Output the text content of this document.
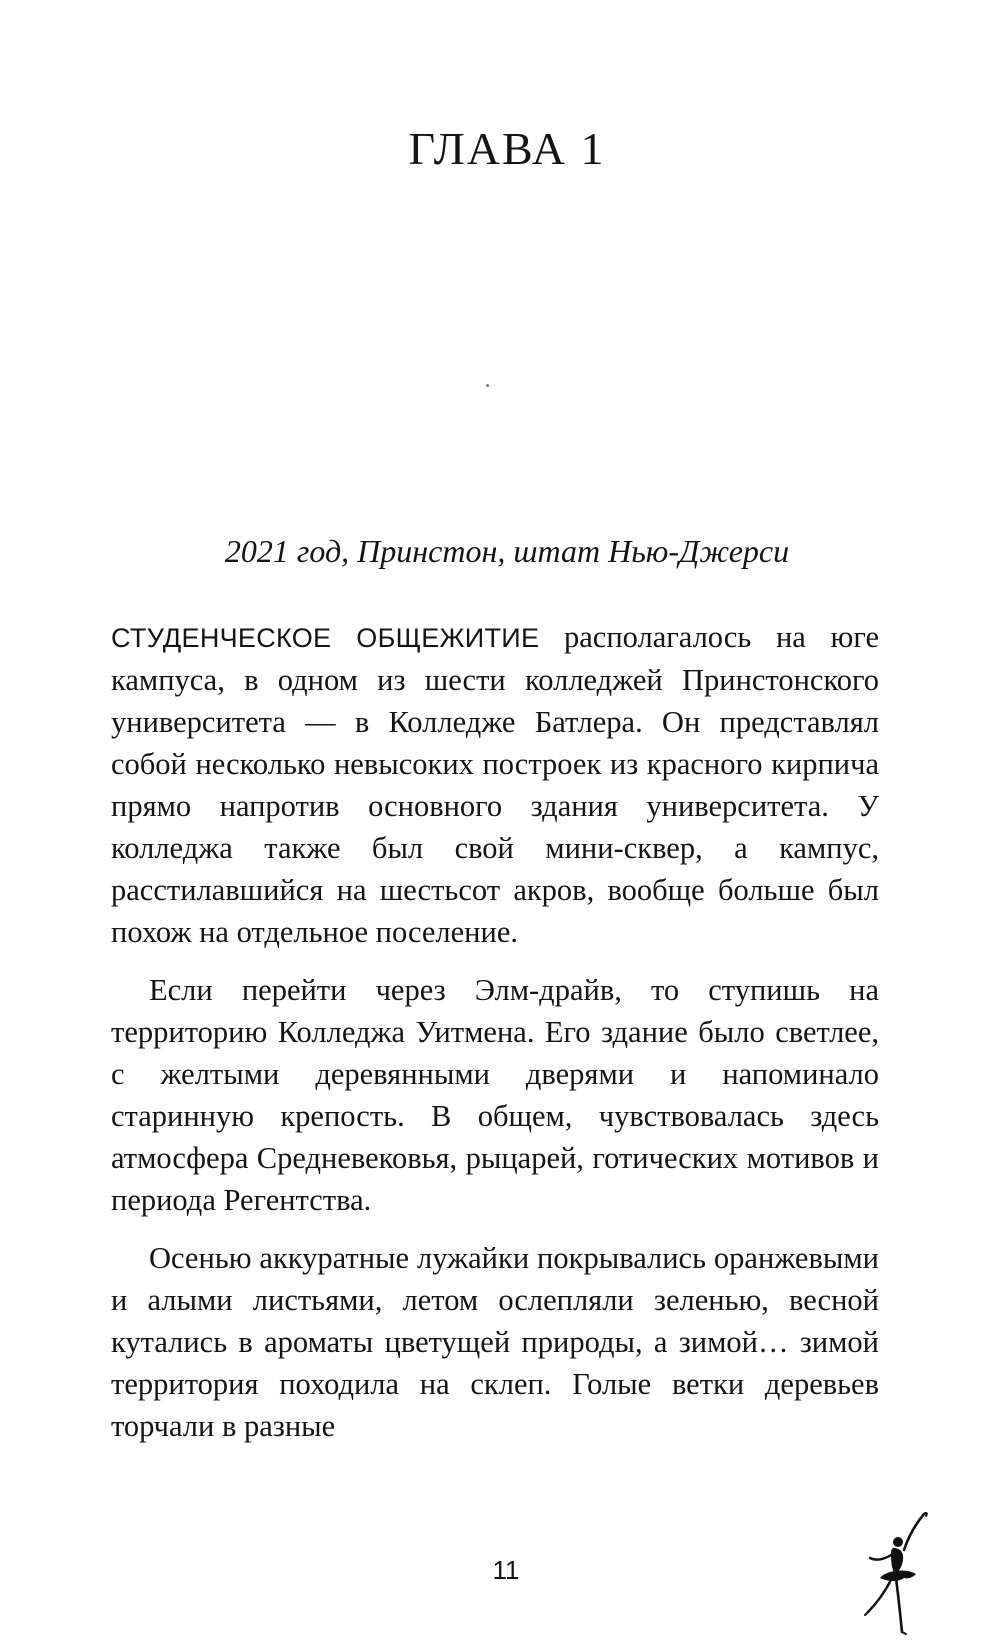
ГЛАВА 1
2021 год, Принстон, штат Нью-Джерси

СТУДЕНЧЕСКОЕ ОБЩЕЖИТИЕ располагалось на юге кампуса, в одном из шести колледжей Принстонского университета — в Колледже Батлера. Он представлял собой несколько невысоких построек из красного кирпича прямо напротив основного здания университета. У колледжа также был свой мини-сквер, а кампус, расстилавшийся на шестьсот акров, вообще больше был похож на отдельное поселение.

Если перейти через Элм-драйв, то ступишь на территорию Колледжа Уитмена. Его здание было светлее, с желтыми деревянными дверями и напоминало старинную крепость. В общем, чувствовалась здесь атмосфера Средневековья, рыцарей, готических мотивов и периода Регентства.

Осенью аккуратные лужайки покрывались оранжевыми и алыми листьями, летом ослепляли зеленью, весной кутались в ароматы цветущей природы, а зимой… зимой территория походила на склеп. Голые ветки деревьев торчали в разные

11
